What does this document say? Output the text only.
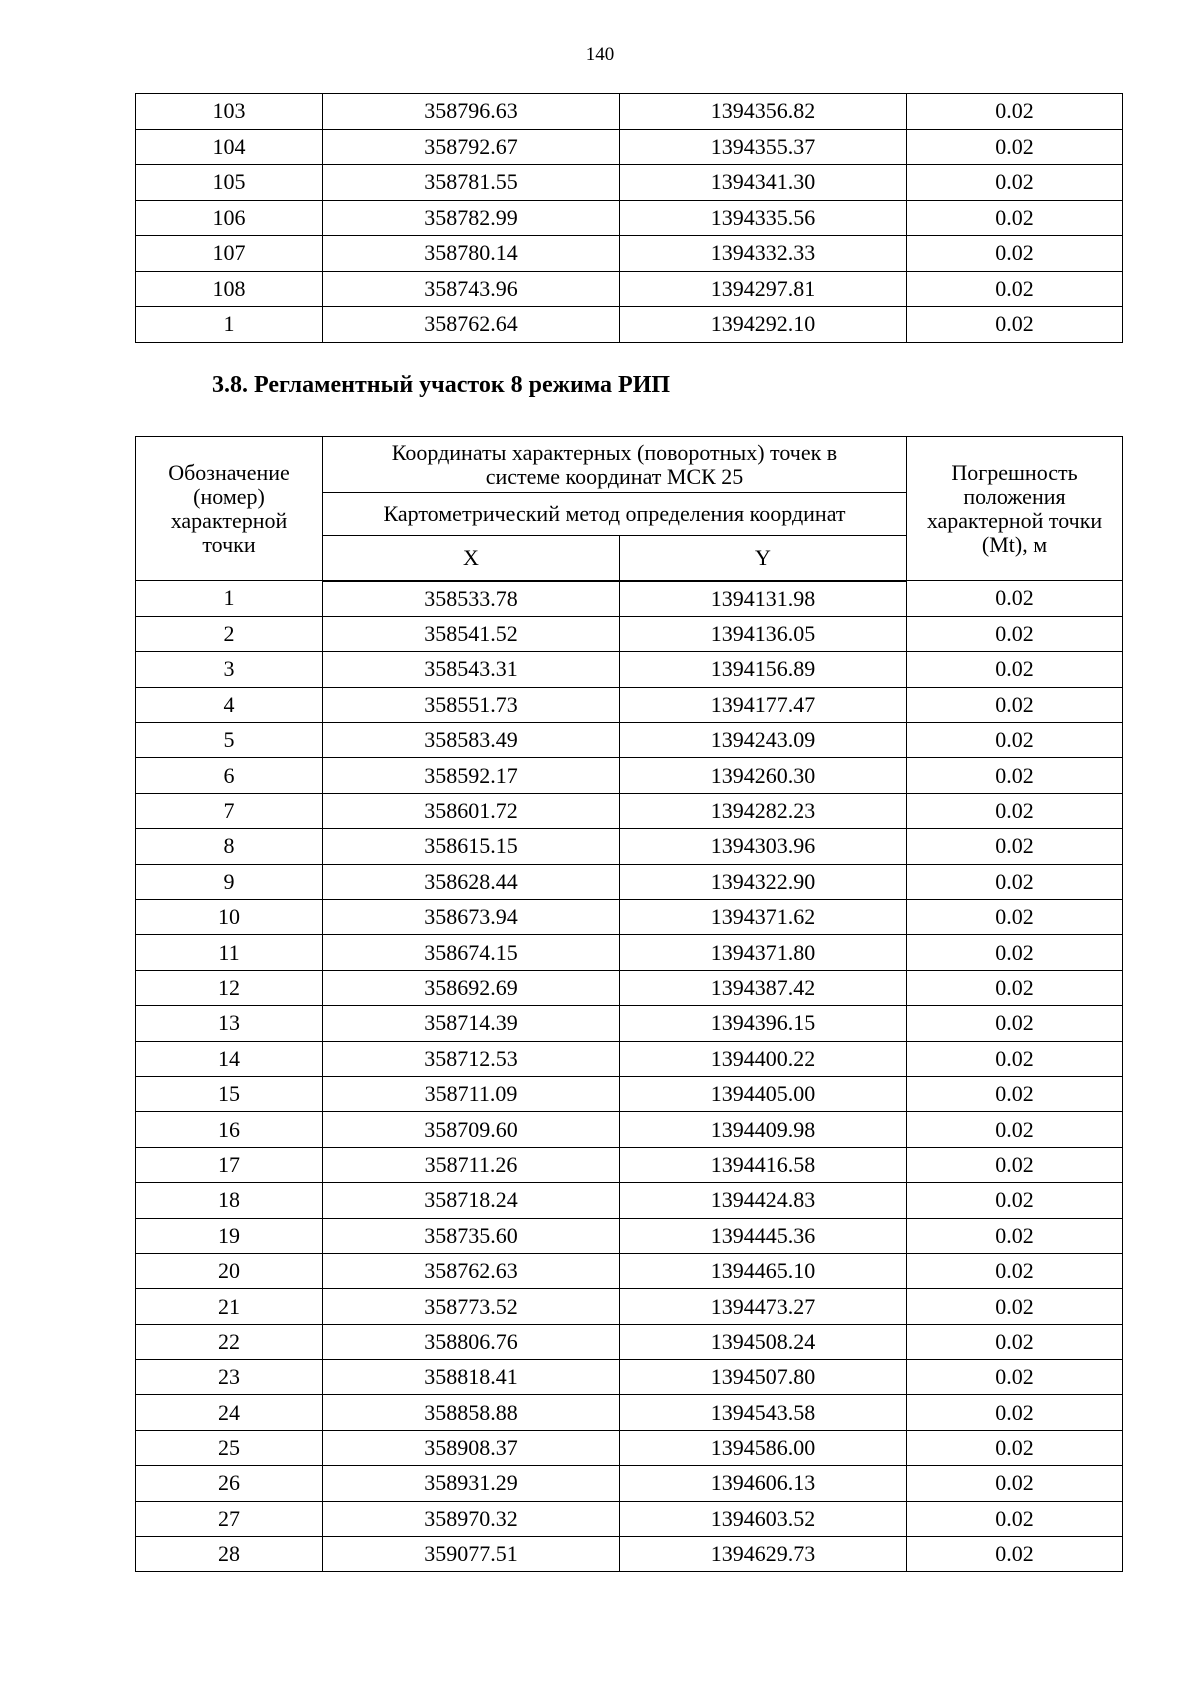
140
103	358796.63	1394356.82	0.02
104	358792.67	1394355.37	0.02
105	358781.55	1394341.30	0.02
106	358782.99	1394335.56	0.02
107	358780.14	1394332.33	0.02
108	358743.96	1394297.81	0.02
1	358762.64	1394292.10	0.02
3.8. Регламентный участок 8 режима РИП
Обозначение (номер) характерной точки	Координаты характерных (поворотных) точек в системе координат МСК 25		Погрешность положения характерной точки (Mt), м
	Картометрический метод определения координат		
	X	Y	
1	358533.78	1394131.98	0.02
2	358541.52	1394136.05	0.02
3	358543.31	1394156.89	0.02
4	358551.73	1394177.47	0.02
5	358583.49	1394243.09	0.02
6	358592.17	1394260.30	0.02
7	358601.72	1394282.23	0.02
8	358615.15	1394303.96	0.02
9	358628.44	1394322.90	0.02
10	358673.94	1394371.62	0.02
11	358674.15	1394371.80	0.02
12	358692.69	1394387.42	0.02
13	358714.39	1394396.15	0.02
14	358712.53	1394400.22	0.02
15	358711.09	1394405.00	0.02
16	358709.60	1394409.98	0.02
17	358711.26	1394416.58	0.02
18	358718.24	1394424.83	0.02
19	358735.60	1394445.36	0.02
20	358762.63	1394465.10	0.02
21	358773.52	1394473.27	0.02
22	358806.76	1394508.24	0.02
23	358818.41	1394507.80	0.02
24	358858.88	1394543.58	0.02
25	358908.37	1394586.00	0.02
26	358931.29	1394606.13	0.02
27	358970.32	1394603.52	0.02
28	359077.51	1394629.73	0.02
